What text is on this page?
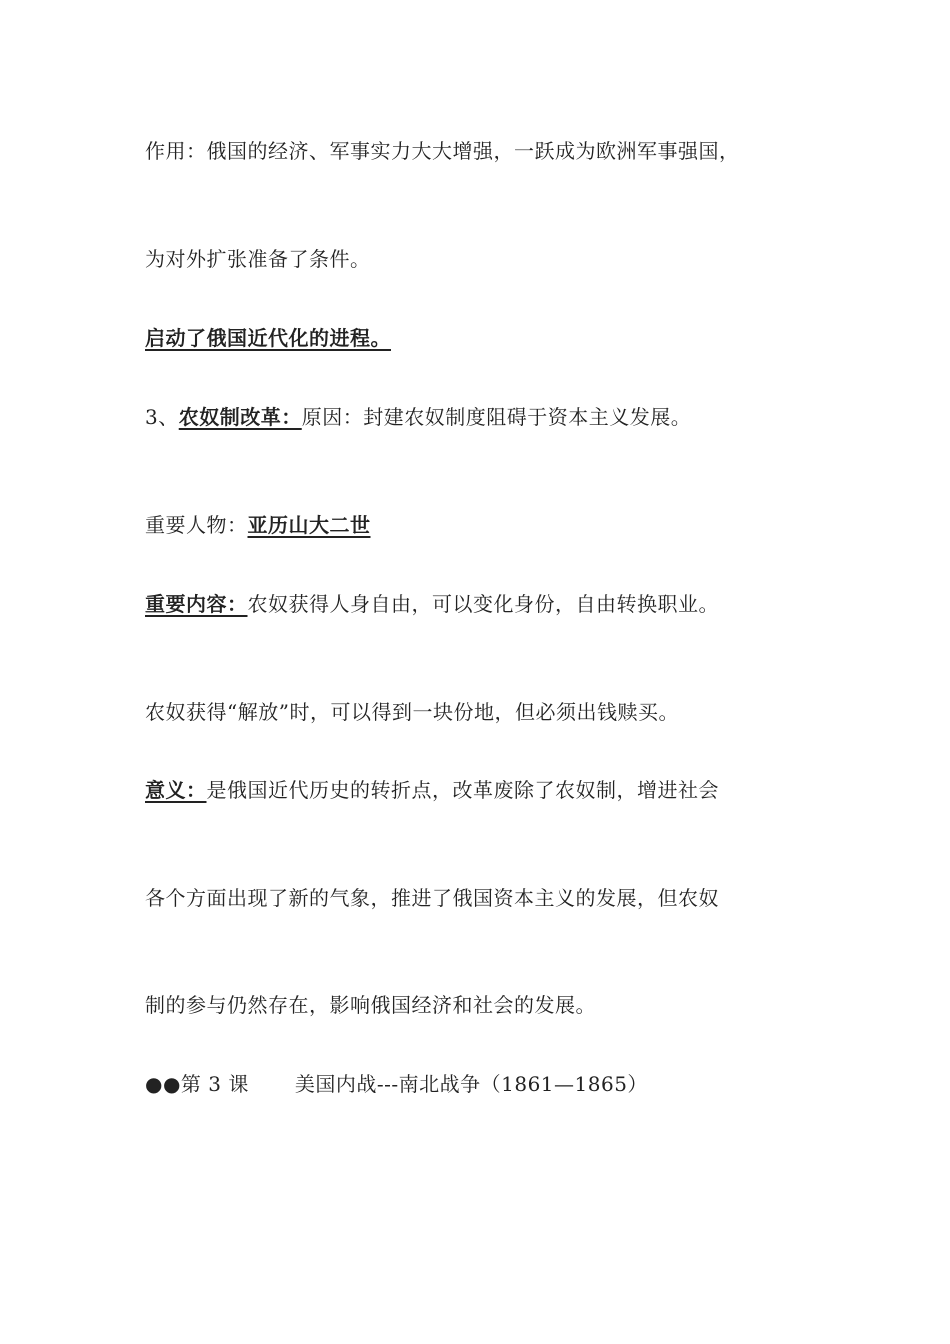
作用：俄国的经济、军事实力大大增强，一跃成为欧洲军事强国，
为对外扩张准备了条件。
启动了俄国近代化的进程。
3、农奴制改革：原因：封建农奴制度阻碍于资本主义发展。
重要人物：亚历山大二世
重要内容：农奴获得人身自由，可以变化身份，自由转换职业。
农奴获得“解放”时，可以得到一块份地，但必须出钱赎买。
意义：是俄国近代历史的转折点，改革废除了农奴制，增进社会
各个方面出现了新的气象，推进了俄国资本主义的发展，但农奴
制的参与仍然存在，影响俄国经济和社会的发展。
●●第 3 课 美国内战---南北战争（1861—1865）
